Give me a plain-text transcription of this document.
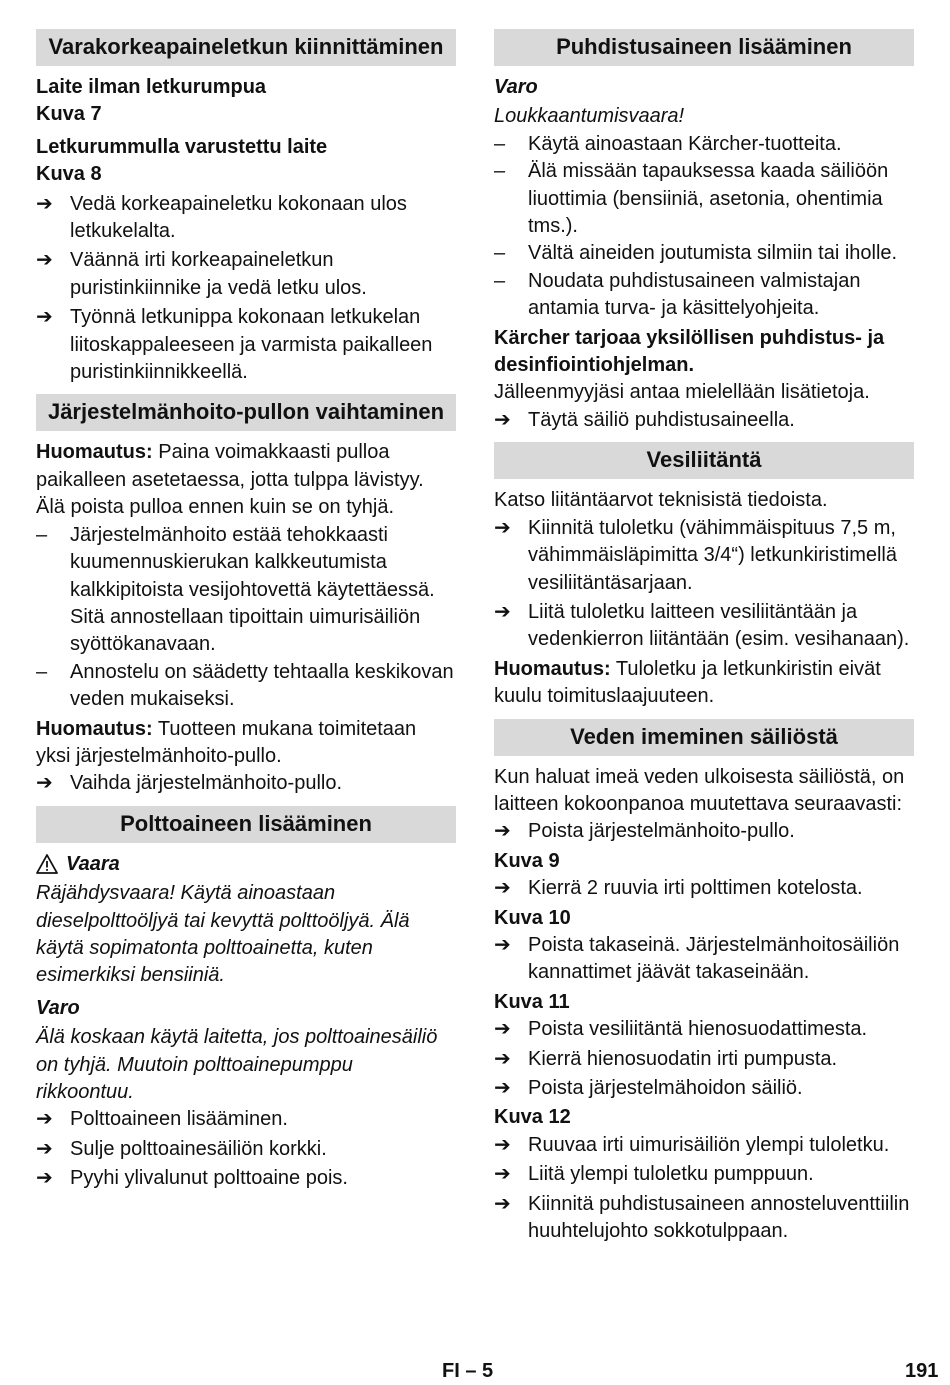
Varakorkeapaineletkun kiinnittäminen
Laite ilman letkurumpua
Kuva 7
Letkurummulla varustettu laite
Kuva 8
➔ Vedä korkeapaineletku kokonaan ulos letkukelalta.
➔ Väännä irti korkeapaineletkun puristinkiinnike ja vedä letku ulos.
➔ Työnnä letkunippa kokonaan letkukelan liitoskappaleeseen ja varmista paikalleen puristinkiinnikkeellä.
Järjestelmänhoito-pullon vaihtaminen
Huomautus: Paina voimakkaasti pulloa paikalleen asetetaessa, jotta tulppa lävistyy. Älä poista pulloa ennen kuin se on tyhjä.
–	Järjestelmänhoito estää tehokkaasti kuumennuskierukan kalkkeutumista kalkkipitoista vesijohtovettä käytettäessä. Sitä annostellaan tipoittain uimurisäiliön syöttökanavaan.
–	Annostelu on säädetty tehtaalla keskikovan veden mukaiseksi.
Huomautus: Tuotteen mukana toimitetaan yksi järjestelmänhoito-pullo.
➔ Vaihda järjestelmänhoito-pullo.
Polttoaineen lisääminen
Vaara
Räjähdysvaara! Käytä ainoastaan dieselpolttoöljyä tai kevyttä polttoöljyä. Älä käytä sopimatonta polttoainetta, kuten esimerkiksi bensiiniä.
Varo
Älä koskaan käytä laitetta, jos polttoainesäiliö on tyhjä. Muutoin polttoainepumppu rikkoontuu.
➔ Polttoaineen lisääminen.
➔ Sulje polttoainesäiliön korkki.
➔ Pyyhi ylivalunut polttoaine pois.
Puhdistusaineen lisääminen
Varo
Loukkaantumisvaara!
–	Käytä ainoastaan Kärcher-tuotteita.
–	Älä missään tapauksessa kaada säiliöön liuottimia (bensiiniä, asetonia, ohentimia tms.).
–	Vältä aineiden joutumista silmiin tai iholle.
–	Noudata puhdistusaineen valmistajan antamia turva- ja käsittelyohjeita.
Kärcher tarjoaa yksilöllisen puhdistus- ja desinfiointiohjelman.
Jälleenmyyjäsi antaa mielellään lisätietoja.
➔ Täytä säiliö puhdistusaineella.
Vesiliitäntä
Katso liitäntäarvot teknisistä tiedoista.
➔ Kiinnitä tuloletku (vähimmäispituus 7,5 m, vähimmäisläpimitta 3/4“) letkunkiristimellä vesiliitäntäsarjaan.
➔ Liitä tuloletku laitteen vesiliitäntään ja vedenkierron liitäntään (esim. vesihanaan).
Huomautus: Tuloletku ja letkunkiristin eivät kuulu toimituslaajuuteen.
Veden imeminen säiliöstä
Kun haluat imeä veden ulkoisesta säiliöstä, on laitteen kokoonpanoa muutettava seuraavasti:
➔ Poista järjestelmänhoito-pullo.
Kuva 9
➔ Kierrä 2 ruuvia irti polttimen kotelosta.
Kuva 10
➔ Poista takaseinä. Järjestelmänhoitosäiliön kannattimet jäävät takaseinään.
Kuva 11
➔ Poista vesiliitäntä hienosuodattimesta.
➔ Kierrä hienosuodatin irti pumpusta.
➔ Poista järjestelmähoidon säiliö.
Kuva 12
➔ Ruuvaa irti uimurisäiliön ylempi tuloletku.
➔ Liitä ylempi tuloletku pumppuun.
➔ Kiinnitä puhdistusaineen annosteluventtiilin huuhtelujohto sokkotulppaan.
FI – 5	191
